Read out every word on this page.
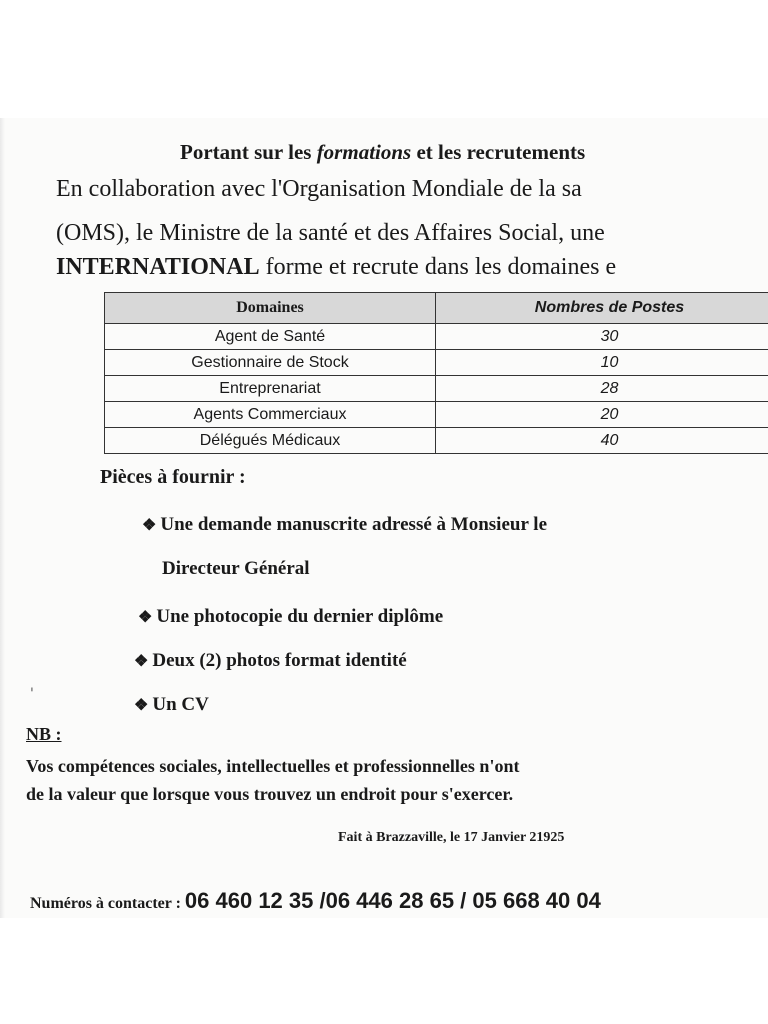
Portant sur les formations et les recrutements
En collaboration avec l'Organisation Mondiale de la sa
(OMS), le Ministre de la santé et des Affaires Social, une
INTERNATIONAL forme et recrute dans les domaines e
Domaines	Nombres de Postes
Agent de Santé	30
Gestionnaire de Stock	10
Entreprenariat	28
Agents Commerciaux	20
Délégués Médicaux	40
Pièces à fournir :
❖ Une demande manuscrite adressé à Monsieur le
Directeur Général
❖ Une photocopie du dernier diplôme
❖ Deux (2) photos format identité
❖ Un CV
'
NB :
Vos compétences sociales, intellectuelles et professionnelles n'ont
de la valeur que lorsque vous trouvez un endroit pour s'exercer.
Fait à Brazzaville, le 17 Janvier 21925
Numéros à contacter : 06 460 12 35 /06 446 28 65 / 05 668 40 04
